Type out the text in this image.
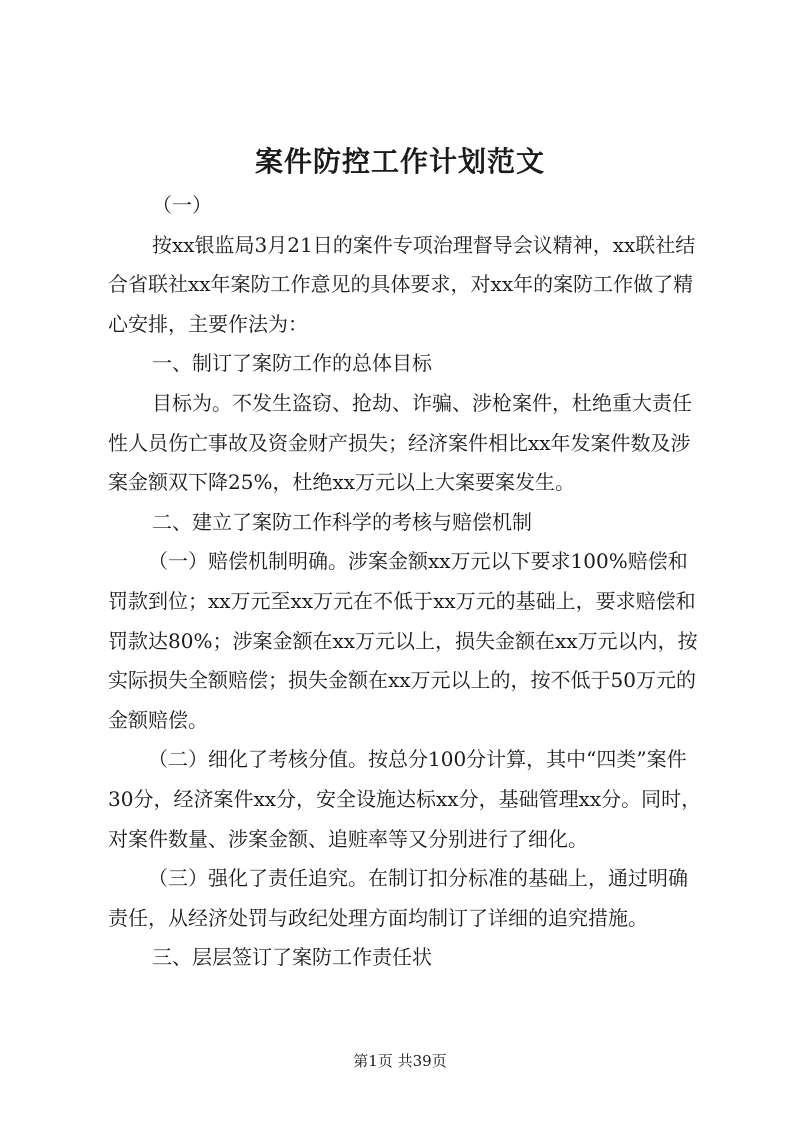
案件防控工作计划范文

（一）

按xx银监局3月21日的案件专项治理督导会议精神，xx联社结合省联社xx年案防工作意见的具体要求，对xx年的案防工作做了精心安排，主要作法为：

一、制订了案防工作的总体目标

目标为。不发生盗窃、抢劫、诈骗、涉枪案件，杜绝重大责任性人员伤亡事故及资金财产损失；经济案件相比xx年发案件数及涉案金额双下降25%，杜绝xx万元以上大案要案发生。

二、建立了案防工作科学的考核与赔偿机制

（一）赔偿机制明确。涉案金额xx万元以下要求100%赔偿和罚款到位；xx万元至xx万元在不低于xx万元的基础上，要求赔偿和罚款达80%；涉案金额在xx万元以上，损失金额在xx万元以内，按实际损失全额赔偿；损失金额在xx万元以上的，按不低于50万元的金额赔偿。

（二）细化了考核分值。按总分100分计算，其中“四类”案件30分，经济案件xx分，安全设施达标xx分，基础管理xx分。同时，对案件数量、涉案金额、追赃率等又分别进行了细化。

（三）强化了责任追究。在制订扣分标准的基础上，通过明确责任，从经济处罚与政纪处理方面均制订了详细的追究措施。

三、层层签订了案防工作责任状

第1页 共39页
